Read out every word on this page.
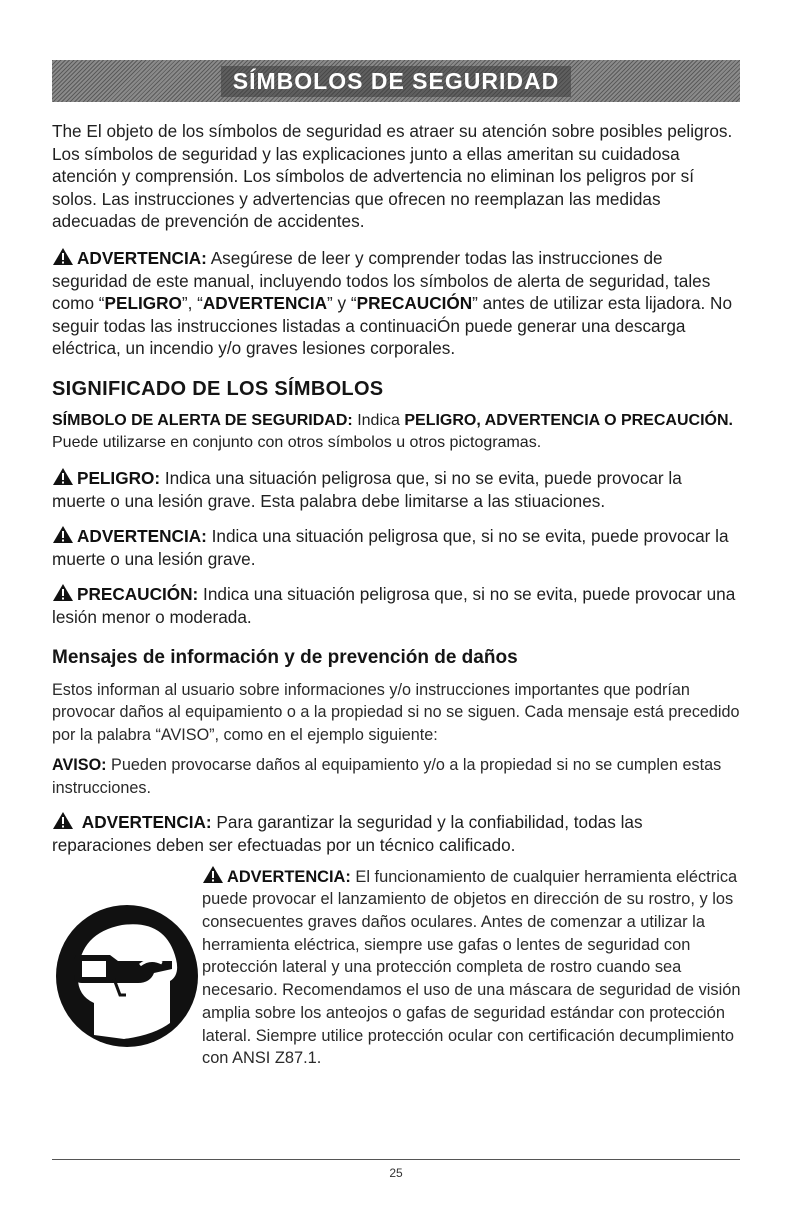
SÍMBOLOS DE SEGURIDAD

The El objeto de los símbolos de seguridad es atraer su atención sobre posibles peligros. Los símbolos de seguridad y las explicaciones junto a ellas ameritan su cuidadosa atención y comprensión. Los símbolos de advertencia no eliminan los peligros por sí solos. Las instrucciones y advertencias que ofrecen no reemplazan las medidas adecuadas de prevención de accidentes.

ADVERTENCIA: Asegúrese de leer y comprender todas las instrucciones de seguridad de este manual, incluyendo todos los símbolos de alerta de seguridad, tales como “PELIGRO”, “ADVERTENCIA” y “PRECAUCIÓN” antes de utilizar esta lijadora. No seguir todas las instrucciones listadas a continuaciÓn puede generar una descarga eléctrica, un incendio y/o graves lesiones corporales.

SIGNIFICADO DE LOS SÍMBOLOS

SÍMBOLO DE ALERTA DE SEGURIDAD: Indica PELIGRO, ADVERTENCIA O PRECAUCIÓN. Puede utilizarse en conjunto con otros símbolos u otros pictogramas.

PELIGRO: Indica una situación peligrosa que, si no se evita, puede provocar la muerte o una lesión grave. Esta palabra debe limitarse a las stiuaciones.

ADVERTENCIA: Indica una situación peligrosa que, si no se evita, puede provocar la muerte o una lesión grave.

PRECAUCIÓN: Indica una situación peligrosa que, si no se evita, puede provocar una lesión menor o moderada.

Mensajes de información y de prevención de daños

Estos informan al usuario sobre informaciones y/o instrucciones importantes que podrían provocar daños al equipamiento o a la propiedad si no se siguen. Cada mensaje está precedido por la palabra “AVISO”, como en el ejemplo siguiente:

AVISO: Pueden provocarse daños al equipamiento y/o a la propiedad si no se cumplen estas instrucciones.

ADVERTENCIA: Para garantizar la seguridad y la confiabilidad, todas las reparaciones deben ser efectuadas por un técnico calificado.

ADVERTENCIA: El funcionamiento de cualquier herramienta eléctrica puede provocar el lanzamiento de objetos en dirección de su rostro, y los consecuentes graves daños oculares. Antes de comenzar a utilizar la herramienta eléctrica, siempre use gafas o lentes de seguridad con protección lateral y una protección completa de rostro cuando sea necesario. Recomendamos el uso de una máscara de seguridad de visión amplia sobre los anteojos o gafas de seguridad estándar con protección lateral. Siempre utilice protección ocular con certificación decumplimiento con ANSI Z87.1.

25
